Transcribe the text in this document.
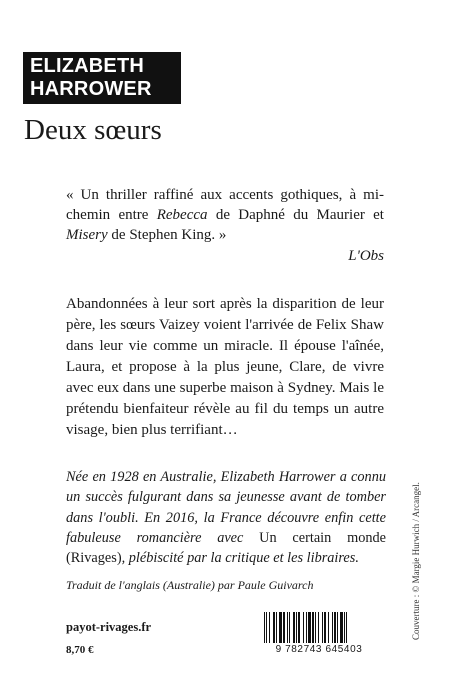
ELIZABETH
HARROWER
Deux sœurs

« Un thriller raffiné aux accents gothiques, à mi-chemin entre Rebecca de Daphné du Maurier et Misery de Stephen King. »

L'Obs

Abandonnées à leur sort après la disparition de leur père, les sœurs Vaizey voient l'arrivée de Felix Shaw dans leur vie comme un miracle. Il épouse l'aînée, Laura, et propose à la plus jeune, Clare, de vivre avec eux dans une superbe maison à Sydney. Mais le prétendu bienfaiteur révèle au fil du temps un autre visage, bien plus terrifiant…

Née en 1928 en Australie, Elizabeth Harrower a connu un succès fulgurant dans sa jeunesse avant de tomber dans l'oubli. En 2016, la France découvre enfin cette fabuleuse romancière avec Un certain monde (Rivages), plébiscité par la critique et les libraires.

Traduit de l'anglais (Australie) par Paule Guivarch
payot-rivages.fr
8,70 €	9 782743 645403
Couverture : © Margie Hurwich / Arcangel.
